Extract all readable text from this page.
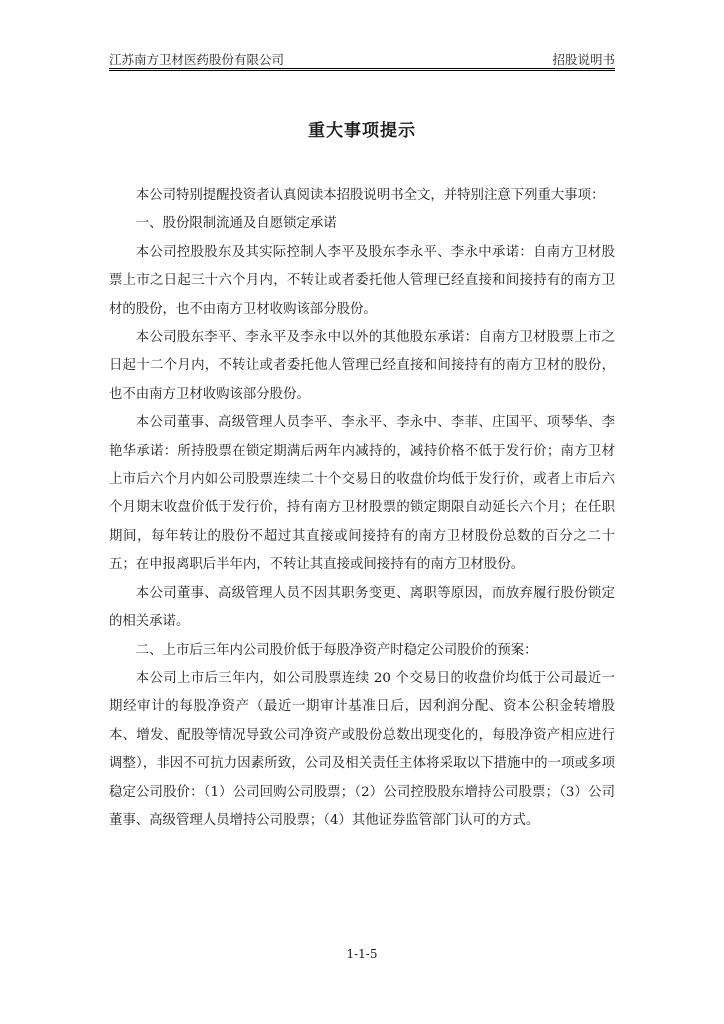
江苏南方卫材医药股份有限公司	招股说明书
重大事项提示

本公司特别提醒投资者认真阅读本招股说明书全文，并特别注意下列重大事项：

一、股份限制流通及自愿锁定承诺

本公司控股股东及其实际控制人李平及股东李永平、李永中承诺：自南方卫材股票上市之日起三十六个月内，不转让或者委托他人管理已经直接和间接持有的南方卫材的股份，也不由南方卫材收购该部分股份。

本公司股东李平、李永平及李永中以外的其他股东承诺：自南方卫材股票上市之日起十二个月内，不转让或者委托他人管理已经直接和间接持有的南方卫材的股份，也不由南方卫材收购该部分股份。

本公司董事、高级管理人员李平、李永平、李永中、李菲、庄国平、项琴华、李艳华承诺：所持股票在锁定期满后两年内减持的，减持价格不低于发行价；南方卫材上市后六个月内如公司股票连续二十个交易日的收盘价均低于发行价，或者上市后六个月期末收盘价低于发行价，持有南方卫材股票的锁定期限自动延长六个月；在任职期间，每年转让的股份不超过其直接或间接持有的南方卫材股份总数的百分之二十五；在申报离职后半年内，不转让其直接或间接持有的南方卫材股份。

本公司董事、高级管理人员不因其职务变更、离职等原因，而放弃履行股份锁定的相关承诺。

二、上市后三年内公司股价低于每股净资产时稳定公司股价的预案：

本公司上市后三年内，如公司股票连续 20 个交易日的收盘价均低于公司最近一期经审计的每股净资产（最近一期审计基准日后，因利润分配、资本公积金转增股本、增发、配股等情况导致公司净资产或股份总数出现变化的，每股净资产相应进行调整），非因不可抗力因素所致，公司及相关责任主体将采取以下措施中的一项或多项稳定公司股价：（1）公司回购公司股票；（2）公司控股股东增持公司股票；（3）公司董事、高级管理人员增持公司股票；（4）其他证券监管部门认可的方式。

1-1-5
